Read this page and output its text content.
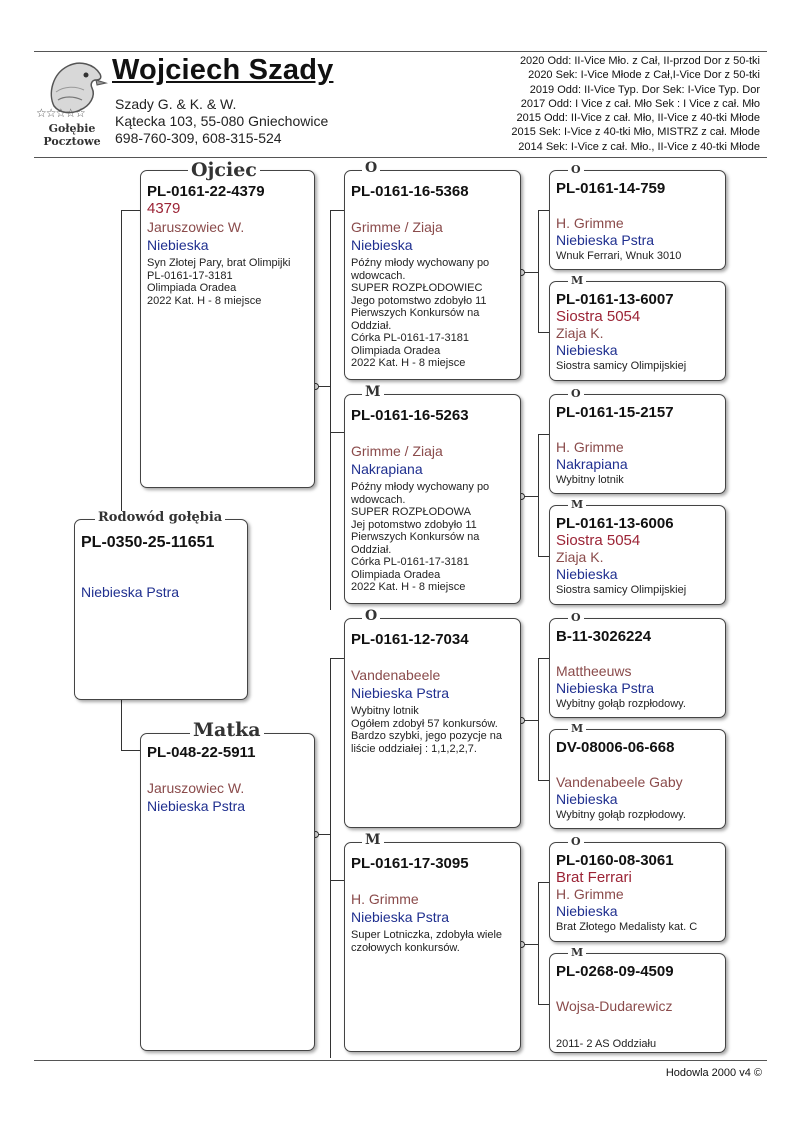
☆☆☆☆☆
Gołębie
Pocztowe
Wojciech Szady
Szady G. & K. & W.
Kątecka 103, 55-080 Gniechowice
698-760-309, 608-315-524
2020 Odd: II-Vice Mło. z Cał, II-przod Dor z 50-tki
2020 Sek: I-Vice Młode z Cał,I-Vice Dor z 50-tki
2019 Odd: II-Vice Typ. Dor Sek: I-Vice Typ. Dor
2017 Odd: I Vice z cał. Mło Sek : I Vice z cał. Mło
2015 Odd: II-Vice z cał. Mło, II-Vice z 40-tki Młode
2015 Sek: I-Vice z 40-tki Mło, MISTRZ z cał. Młode
2014 Sek: I-Vice z cał. Mło., II-Vice z 40-tki Młode
PL-0350-25-11651
Niebieska Pstra
Rodowód gołębia
PL-0161-22-4379
4379
Jaruszowiec W.
Niebieska
Syn Złotej Pary, brat Olimpijki
PL-0161-17-3181
Olimpiada Oradea
2022 Kat. H - 8 miejsce
Ojciec
PL-048-22-5911
Jaruszowiec W.
Niebieska Pstra
Matka
PL-0161-16-5368
Grimme / Ziaja
Niebieska
Późny młody wychowany po
wdowcach.
SUPER ROZPŁODOWIEC
Jego potomstwo zdobyło 11
Pierwszych Konkursów na
Oddział.
Córka PL-0161-17-3181
Olimpiada Oradea
2022 Kat. H - 8 miejsce
O
PL-0161-16-5263
Grimme / Ziaja
Nakrapiana
Późny młody wychowany po
wdowcach.
SUPER ROZPŁODOWA
Jej potomstwo zdobyło 11
Pierwszych Konkursów na
Oddział.
Córka PL-0161-17-3181
Olimpiada Oradea
2022 Kat. H - 8 miejsce
M
PL-0161-12-7034
Vandenabeele
Niebieska Pstra
Wybitny lotnik
Ogółem zdobył 57 konkursów.
Bardzo szybki, jego pozycje na
liście oddziałej : 1,1,2,2,7.
O
PL-0161-17-3095
H. Grimme
Niebieska Pstra
Super Lotniczka, zdobyła wiele
czołowych konkursów.
M
PL-0161-14-759
H. Grimme
Niebieska Pstra
Wnuk Ferrari, Wnuk 3010
O
PL-0161-13-6007
Siostra 5054
Ziaja K.
Niebieska
Siostra samicy Olimpijskiej
M
PL-0161-15-2157
H. Grimme
Nakrapiana
Wybitny lotnik
O
PL-0161-13-6006
Siostra 5054
Ziaja K.
Niebieska
Siostra samicy Olimpijskiej
M
B-11-3026224
Mattheeuws
Niebieska Pstra
Wybitny gołąb rozpłodowy.
O
DV-08006-06-668
Vandenabeele Gaby
Niebieska
Wybitny gołąb rozpłodowy.
M
PL-0160-08-3061
Brat Ferrari
H. Grimme
Niebieska
Brat Złotego Medalisty kat. C
O
PL-0268-09-4509
Wojsa-Dudarewicz
2011- 2 AS Oddziału
M
Hodowla 2000 v4 ©
